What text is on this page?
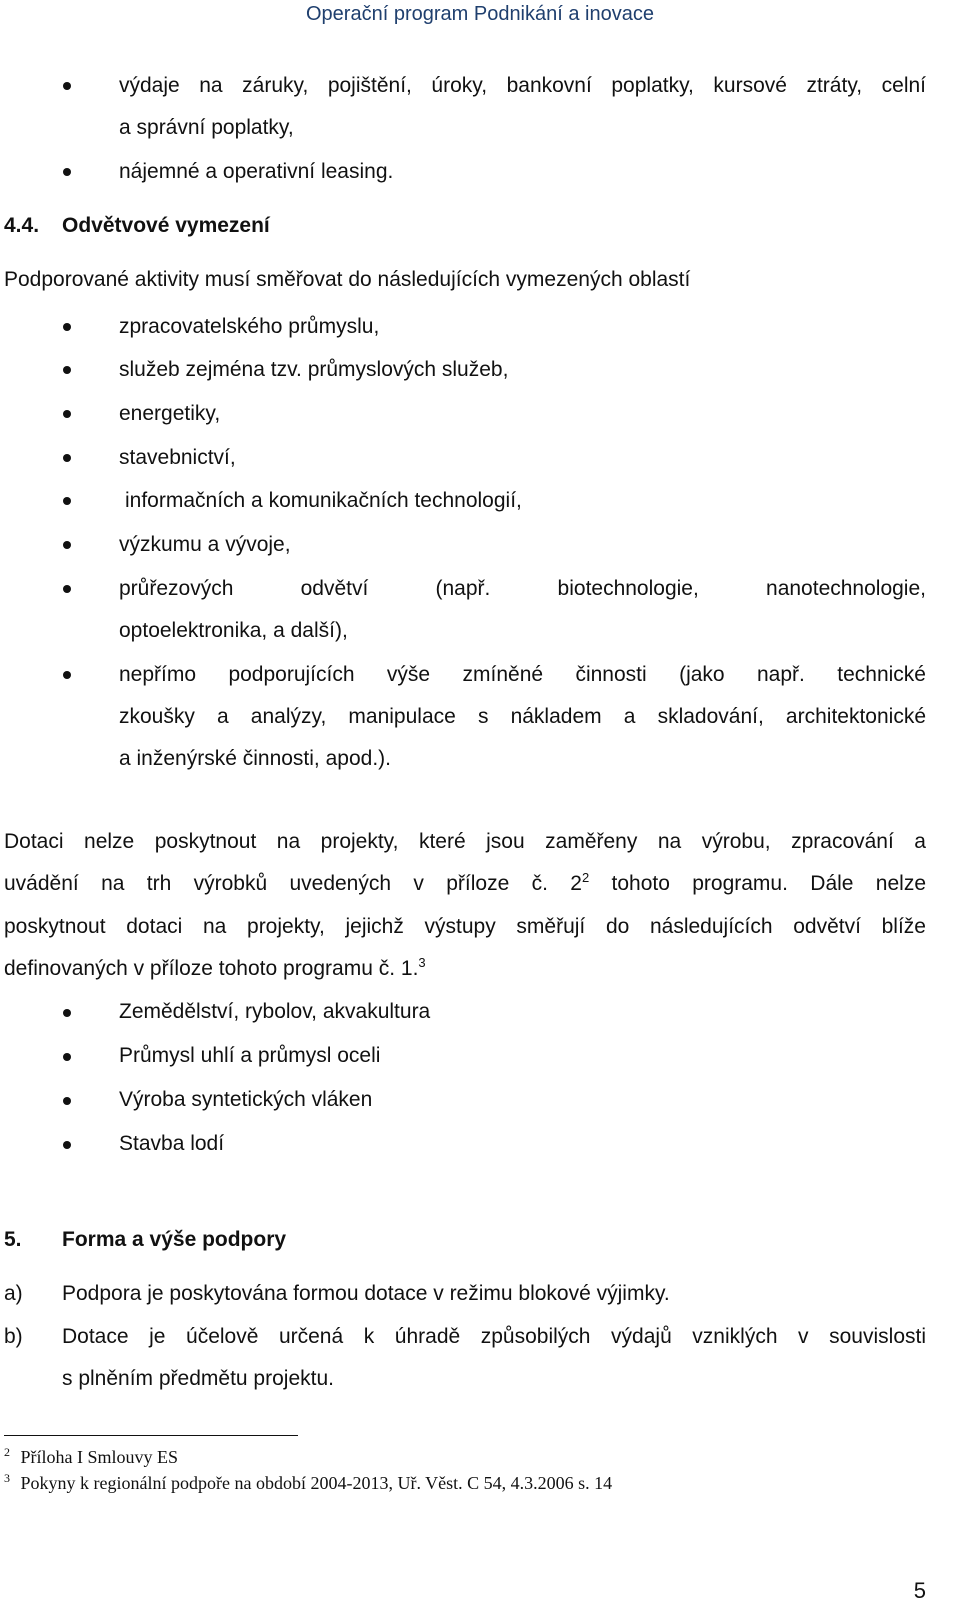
Operační program Podnikání a inovace
výdaje na záruky, pojištění, úroky, bankovní poplatky, kursové ztráty, celní
a správní poplatky,
nájemné a operativní leasing.
4.4. Odvětvové vymezení
Podporované aktivity musí směřovat do následujících vymezených oblastí
zpracovatelského průmyslu,
služeb zejména tzv. průmyslových služeb,
energetiky,
stavebnictví,
informačních a komunikačních technologií,
výzkumu a vývoje,
průřezových odvětví (např. biotechnologie, nanotechnologie,
optoelektronika, a další),
nepřímo podporujících výše zmíněné činnosti (jako např. technické
zkoušky a analýzy, manipulace s nákladem a skladování, architektonické
a inženýrské činnosti, apod.).
Dotaci nelze poskytnout na projekty, které jsou zaměřeny na výrobu, zpracování a
uvádění na trh výrobků uvedených v příloze č. $2^2$ tohoto programu. Dále nelze
poskytnout dotaci na projekty, jejichž výstupy směřují do následujících odvětví blíže
definovaných v příloze tohoto programu č. 1.$^3$
Zemědělství, rybolov, akvakultura
Průmysl uhlí a průmysl oceli
Výroba syntetických vláken
Stavba lodí
5. Forma a výše podpory
a) Podpora je poskytována formou dotace v režimu blokové výjimky.
b) Dotace je účelově určená k úhradě způsobilých výdajů vzniklých v souvislosti
s plněním předmětu projektu.
$^2$ Příloha I Smlouvy ES
$^3$ Pokyny k regionální podpoře na období 2004-2013, Uř. Věst. C 54, 4.3.2006 s. 14
5
